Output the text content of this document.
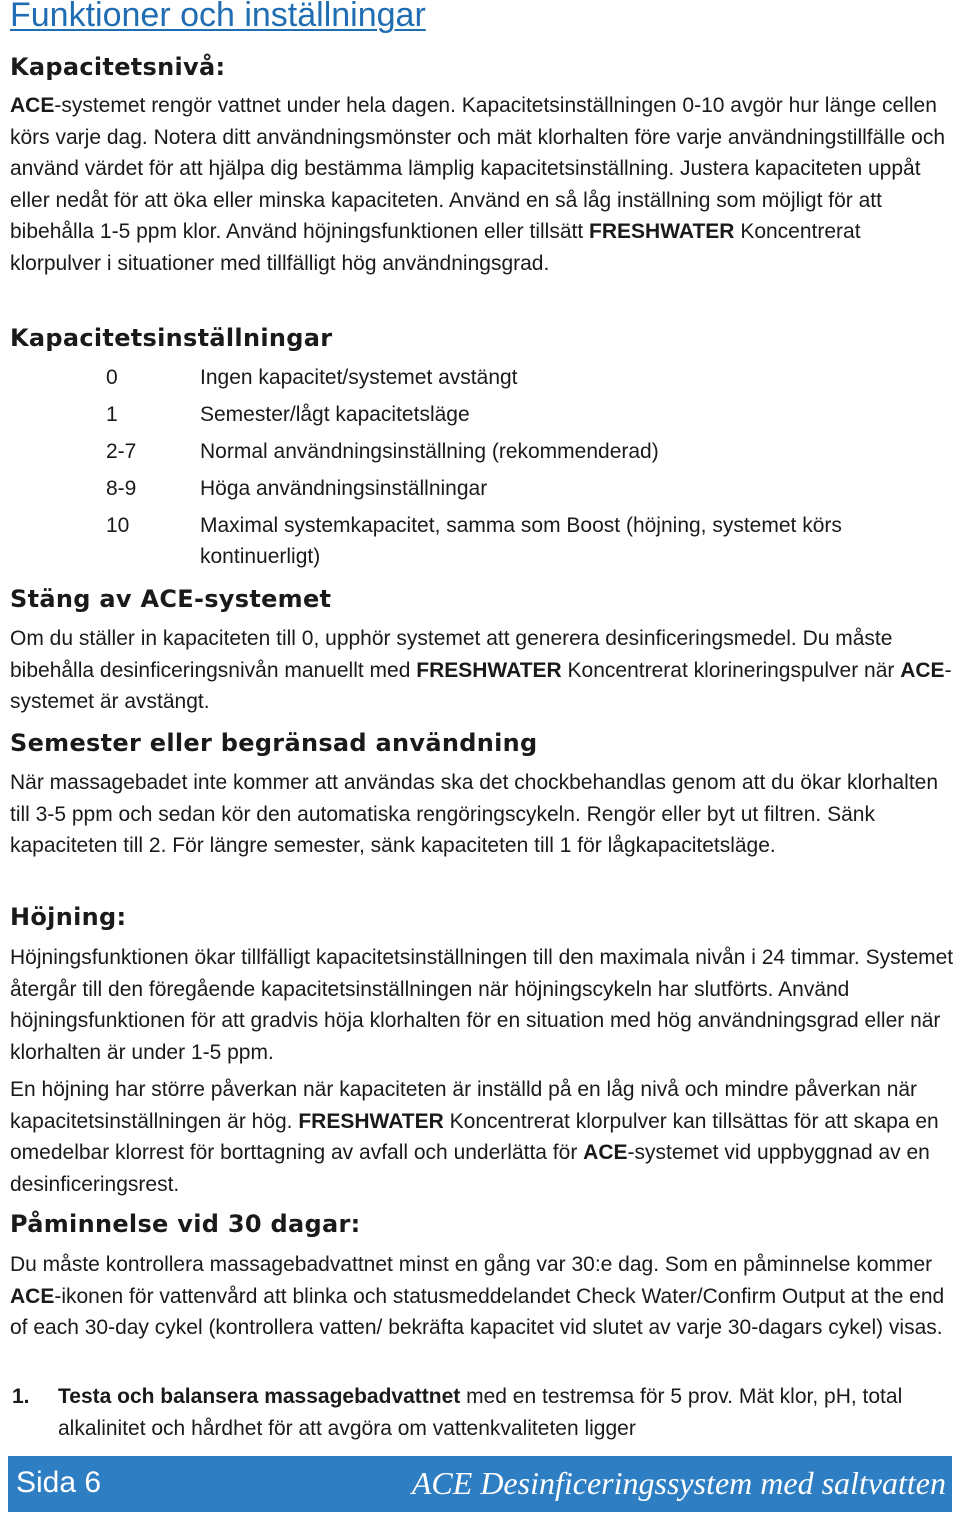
Funktioner och inställningar
Kapacitetsnivå:

ACE-systemet rengör vattnet under hela dagen. Kapacitetsinställningen 0-10 avgör hur länge cellen körs varje dag. Notera ditt användningsmönster och mät klorhalten före varje användningstillfälle och använd värdet för att hjälpa dig bestämma lämplig kapacitetsinställning. Justera kapaciteten uppåt eller nedåt för att öka eller minska kapaciteten. Använd en så låg inställning som möjligt för att bibehålla 1-5 ppm klor. Använd höjningsfunktionen eller tillsätt FRESHWATER Koncentrerat klorpulver i situationer med tillfälligt hög användningsgrad.

Kapacitetsinställningar
0	Ingen kapacitet/systemet avstängt
1	Semester/lågt kapacitetsläge
2-7	Normal användningsinställning (rekommenderad)
8-9	Höga användningsinställningar
10	Maximal systemkapacitet, samma som Boost (höjning, systemet körs kontinuerligt)
Stäng av ACE-systemet

Om du ställer in kapaciteten till 0, upphör systemet att generera desinficeringsmedel. Du måste bibehålla desinficeringsnivån manuellt med FRESHWATER Koncentrerat klorineringspulver när ACE-systemet är avstängt.

Semester eller begränsad användning

När massagebadet inte kommer att användas ska det chockbehandlas genom att du ökar klorhalten till 3-5 ppm och sedan kör den automatiska rengöringscykeln. Rengör eller byt ut filtren. Sänk kapaciteten till 2. För längre semester, sänk kapaciteten till 1 för lågkapacitetsläge.

Höjning:

Höjningsfunktionen ökar tillfälligt kapacitetsinställningen till den maximala nivån i 24 timmar. Systemet återgår till den föregående kapacitetsinställningen när höjningscykeln har slutförts. Använd höjningsfunktionen för att gradvis höja klorhalten för en situation med hög användningsgrad eller när klorhalten är under 1-5 ppm.

En höjning har större påverkan när kapaciteten är inställd på en låg nivå och mindre påverkan när kapacitetsinställningen är hög. FRESHWATER Koncentrerat klorpulver kan tillsättas för att skapa en omedelbar klorrest för borttagning av avfall och underlätta för ACE-systemet vid uppbyggnad av en desinficeringsrest.

Påminnelse vid 30 dagar:

Du måste kontrollera massagebadvattnet minst en gång var 30:e dag. Som en påminnelse kommer ACE-ikonen för vattenvård att blinka och statusmeddelandet Check Water/Confirm Output at the end of each 30-day cykel (kontrollera vatten/ bekräfta kapacitet vid slutet av varje 30-dagars cykel) visas.

1. Testa och balansera massagebadvattnet med en testremsa för 5 prov. Mät klor, pH, total alkalinitet och hårdhet för att avgöra om vattenkvaliteten ligger

Sida 6	ACE Desinficeringssystem med saltvatten
